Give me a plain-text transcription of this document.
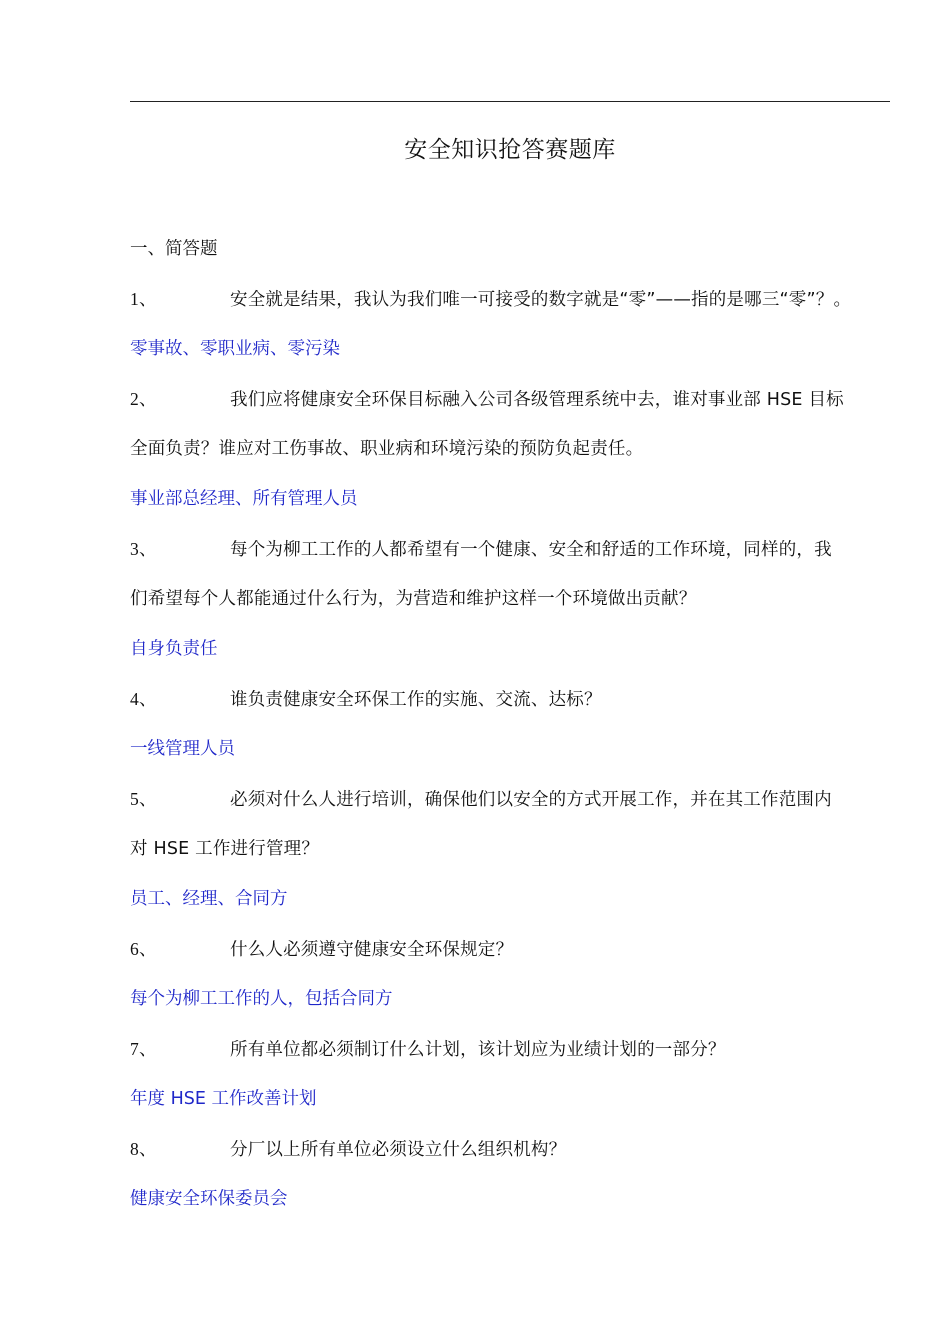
安全知识抢答赛题库
一、简答题
1、	安全就是结果，我认为我们唯一可接受的数字就是“零”——指的是哪三“零”？。
零事故、零职业病、零污染
2、	我们应将健康安全环保目标融入公司各级管理系统中去，谁对事业部 HSE 目标
全面负责？谁应对工伤事故、职业病和环境污染的预防负起责任。
事业部总经理、所有管理人员
3、	每个为柳工工作的人都希望有一个健康、安全和舒适的工作环境，同样的，我
们希望每个人都能通过什么行为，为营造和维护这样一个环境做出贡献？
自身负责任
4、	谁负责健康安全环保工作的实施、交流、达标？
一线管理人员
5、	必须对什么人进行培训，确保他们以安全的方式开展工作，并在其工作范围内
对 HSE 工作进行管理？
员工、经理、合同方
6、	什么人必须遵守健康安全环保规定？
每个为柳工工作的人，包括合同方
7、	所有单位都必须制订什么计划，该计划应为业绩计划的一部分？
年度 HSE 工作改善计划
8、	分厂以上所有单位必须设立什么组织机构？
健康安全环保委员会
